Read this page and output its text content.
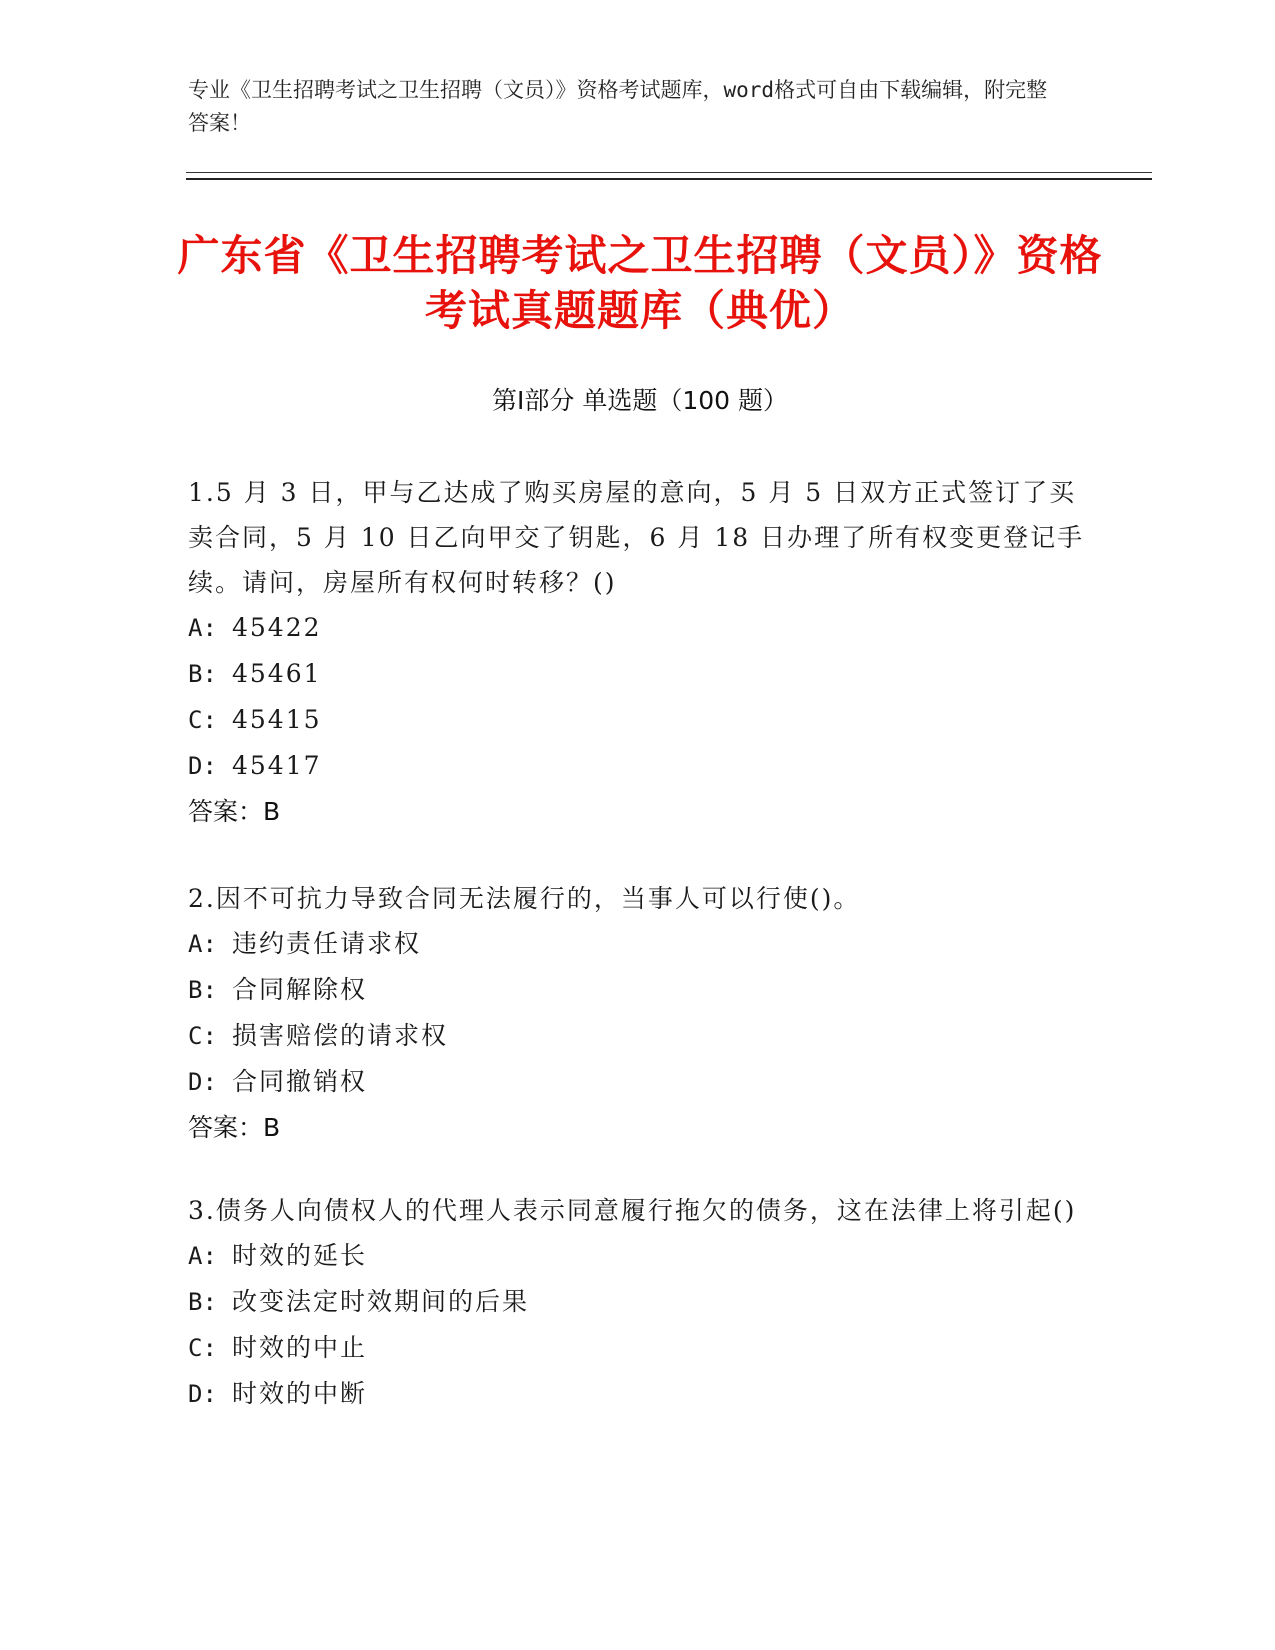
专业《卫生招聘考试之卫生招聘（文员）》资格考试题库，word格式可自由下载编辑，附完整答案！
广东省《卫生招聘考试之卫生招聘（文员）》资格考试真题题库（典优）
第Ⅰ部分 单选题（100 题）
1.5 月 3 日，甲与乙达成了购买房屋的意向，5 月 5 日双方正式签订了买卖合同，5 月 10 日乙向甲交了钥匙，6 月 18 日办理了所有权变更登记手续。请问，房屋所有权何时转移？()
A: 45422
B: 45461
C: 45415
D: 45417
答案：B
2.因不可抗力导致合同无法履行的，当事人可以行使()。
A: 违约责任请求权
B: 合同解除权
C: 损害赔偿的请求权
D: 合同撤销权
答案：B
3.债务人向债权人的代理人表示同意履行拖欠的债务，这在法律上将引起()
A: 时效的延长
B: 改变法定时效期间的后果
C: 时效的中止
D: 时效的中断
